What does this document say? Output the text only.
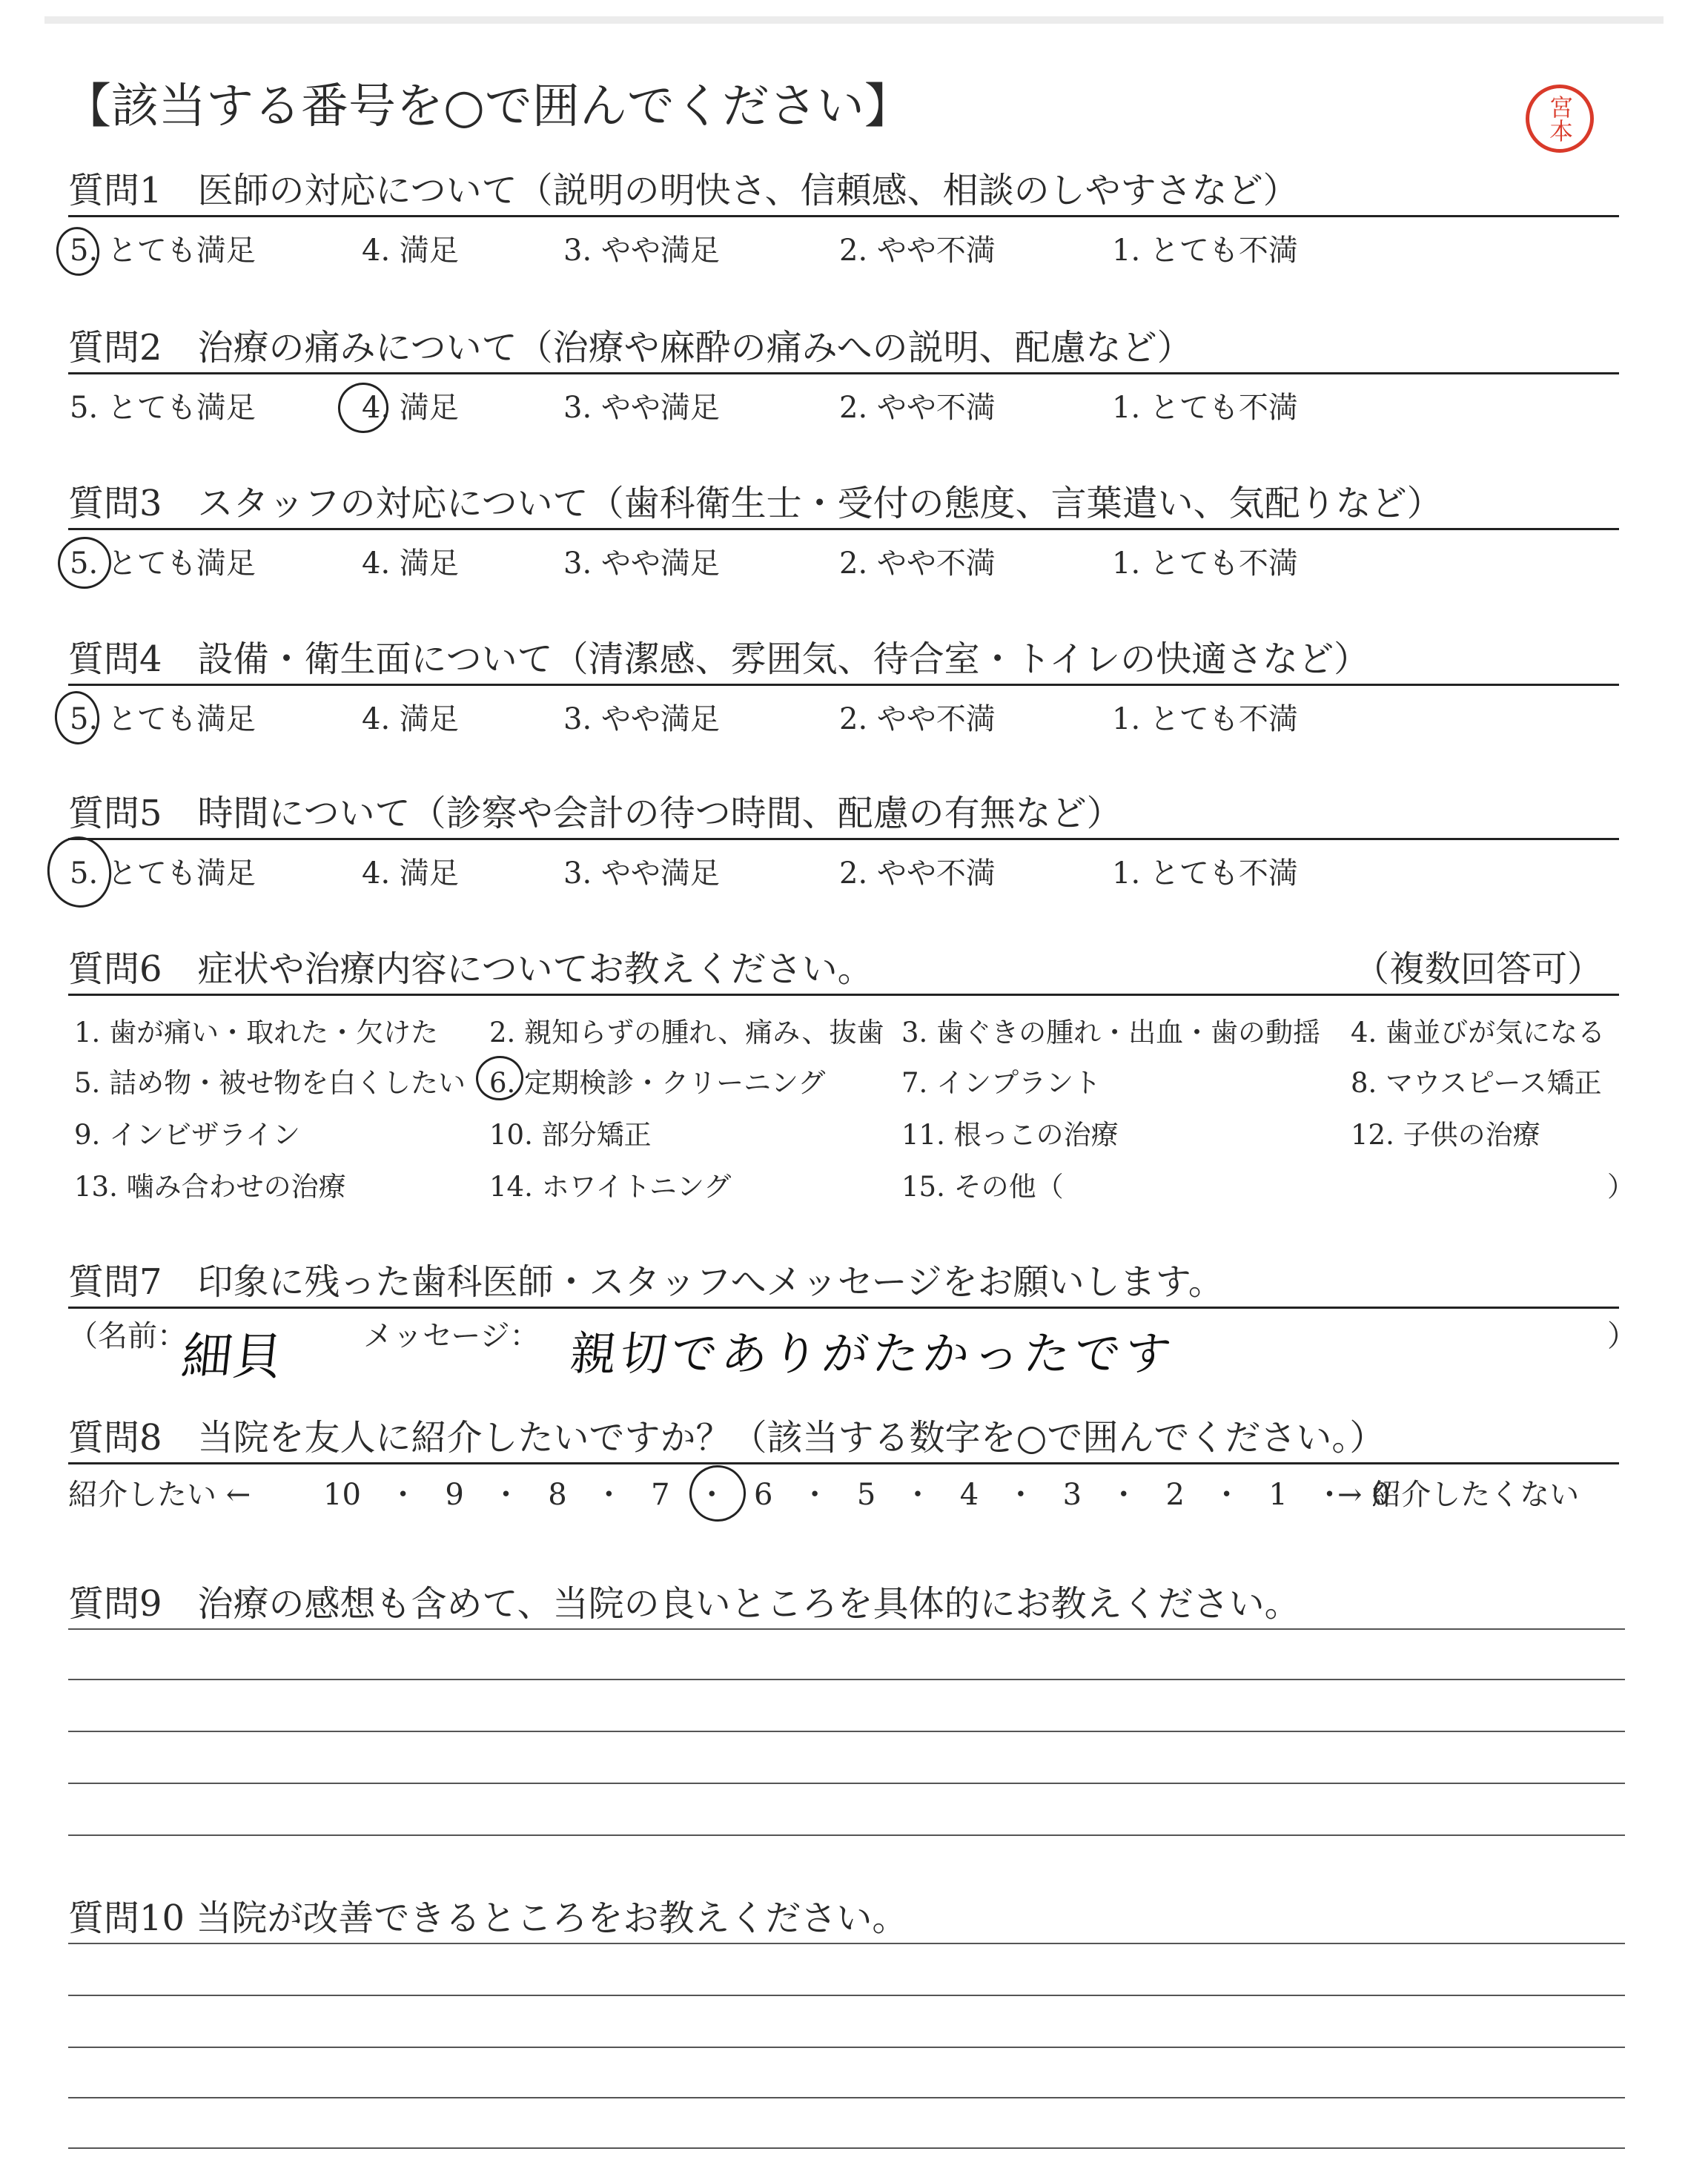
【該当する番号を○で囲んでください】	宮本
質問1　医師の対応について（説明の明快さ、信頼感、相談のしやすさなど）
5. とても満足	4. 満足	3. やや満足	2. やや不満	1. とても不満
質問2　治療の痛みについて（治療や麻酔の痛みへの説明、配慮など）
5. とても満足	4. 満足	3. やや満足	2. やや不満	1. とても不満
質問3　スタッフの対応について（歯科衛生士・受付の態度、言葉遣い、気配りなど）
5. とても満足	4. 満足	3. やや満足	2. やや不満	1. とても不満
質問4　設備・衛生面について（清潔感、雰囲気、待合室・トイレの快適さなど）
5. とても満足	4. 満足	3. やや満足	2. やや不満	1. とても不満
質問5　時間について（診察や会計の待つ時間、配慮の有無など）
5. とても満足	4. 満足	3. やや満足	2. やや不満	1. とても不満
質問6　症状や治療内容についてお教えください。	（複数回答可）
1. 歯が痛い・取れた・欠けた 2. 親知らずの腫れ、痛み、抜歯 3. 歯ぐきの腫れ・出血・歯の動揺 4. 歯並びが気になる
5. 詰め物・被せ物を白くしたい 6. 定期検診・クリーニング	7. インプラント	8. マウスピース矯正
9. インビザライン	10. 部分矯正	11. 根っこの治療	12. 子供の治療
13. 噛み合わせの治療	14. ホワイトニング	15. その他（	）
質問7　印象に残った歯科医師・スタッフへメッセージをお願いします。
（名前：
細貝	メッセージ： 親切でありがたかったです	）
質問8　当院を友人に紹介したいですか？（該当する数字を○で囲んでください。）
紹介したい ← 10 ・ 9 ・ 8 ・ 7 ・ 6 ・ 5 ・ 4 ・ 3 ・ 2 ・ 1 ・ 0
→ 紹介したくない
質問9　治療の感想も含めて、当院の良いところを具体的にお教えください。
質問10 当院が改善できるところをお教えください。
